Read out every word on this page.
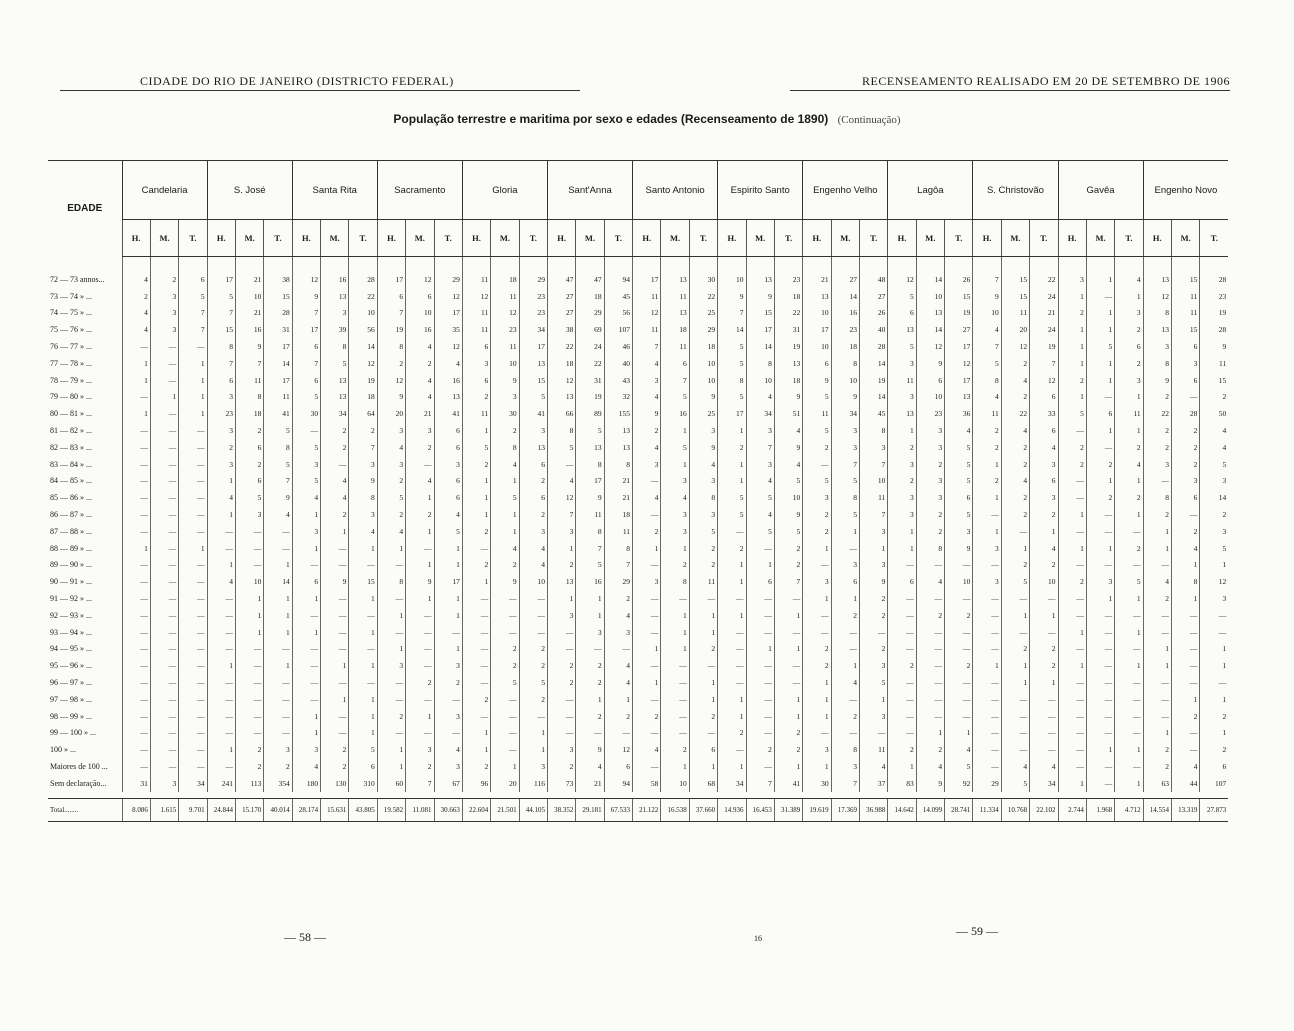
CIDADE DO RIO DE JANEIRO (DISTRICTO FEDERAL)	RECENSEAMENTO REALISADO EM 20 DE SETEMBRO DE 1906
População terrestre e maritima por sexo e edades (Recenseamento de 1890) (Continuação)
EDADE	Candelaria			S. José			Santa Rita			Sacramento			Gloria			Sant'Anna			Santo Antonio			Espirito Santo			Engenho Velho			Lagôa			S. Christovão			Gavêa			Engenho Novo		
	H.	M.	T.	H.	M.	T.	H.	M.	T.	H.	M.	T.	H.	M.	T.	H.	M.	T.	H.	M.	T.	H.	M.	T.	H.	M.	T.	H.	M.	T.	H.	M.	T.	H.	M.	T.	H.	M.	T.
72 — 73 annos...	4	2	6	17	21	38	12	16	28	17	12	29	11	18	29	47	47	94	17	13	30	10	13	23	21	27	48	12	14	26	7	15	22	3	1	4	13	15	28
73 — 74 » ...	2	3	5	5	10	15	9	13	22	6	6	12	12	11	23	27	18	45	11	11	22	9	9	18	13	14	27	5	10	15	9	15	24	1	—	1	12	11	23
74 — 75 » ...	4	3	7	7	21	28	7	3	10	7	10	17	11	12	23	27	29	56	12	13	25	7	15	22	10	16	26	6	13	19	10	11	21	2	1	3	8	11	19
75 — 76 » ...	4	3	7	15	16	31	17	39	56	19	16	35	11	23	34	38	69	107	11	18	29	14	17	31	17	23	40	13	14	27	4	20	24	1	1	2	13	15	28
76 — 77 » ...	—	—	—	8	9	17	6	8	14	8	4	12	6	11	17	22	24	46	7	11	18	5	14	19	10	18	28	5	12	17	7	12	19	1	5	6	3	6	9
77 — 78 » ...	1	—	1	7	7	14	7	5	12	2	2	4	3	10	13	18	22	40	4	6	10	5	8	13	6	8	14	3	9	12	5	2	7	1	1	2	8	3	11
78 — 79 » ...	1	—	1	6	11	17	6	13	19	12	4	16	6	9	15	12	31	43	3	7	10	8	10	18	9	10	19	11	6	17	8	4	12	2	1	3	9	6	15
79 — 80 » ...	—	1	1	3	8	11	5	13	18	9	4	13	2	3	5	13	19	32	4	5	9	5	4	9	5	9	14	3	10	13	4	2	6	1	—	1	2	—	2
80 — 81 » ...	1	—	1	23	18	41	30	34	64	20	21	41	11	30	41	66	89	155	9	16	25	17	34	51	11	34	45	13	23	36	11	22	33	5	6	11	22	28	50
81 — 82 » ...	—	—	—	3	2	5	—	2	2	3	3	6	1	2	3	8	5	13	2	1	3	1	3	4	5	3	8	1	3	4	2	4	6	—	1	1	2	2	4
82 — 83 » ...	—	—	—	2	6	8	5	2	7	4	2	6	5	8	13	5	13	13	4	5	9	2	7	9	2	3	3	2	3	5	2	2	4	2	—	2	2	2	4
83 — 84 » ...	—	—	—	3	2	5	3	—	3	3	—	3	2	4	6	—	8	8	3	1	4	1	3	4	—	7	7	3	2	5	1	2	3	2	2	4	3	2	5
84 — 85 » ...	—	—	—	1	6	7	5	4	9	2	4	6	1	1	2	4	17	21	—	3	3	1	4	5	5	5	10	2	3	5	2	4	6	—	1	1	—	3	3
85 — 86 » ...	—	—	—	4	5	9	4	4	8	5	1	6	1	5	6	12	9	21	4	4	8	5	5	10	3	8	11	3	3	6	1	2	3	—	2	2	8	6	14
86 — 87 » ...	—	—	—	1	3	4	1	2	3	2	2	4	1	1	2	7	11	18	—	3	3	5	4	9	2	5	7	3	2	5	—	2	2	1	—	1	2	—	2
87 — 88 » ...	—	—	—	—	—	—	3	1	4	4	1	5	2	1	3	3	8	11	2	3	5	—	5	5	2	1	3	1	2	3	1	—	1	—	—	—	1	2	3
88 — 89 » ...	1	—	1	—	—	—	1	—	1	1	—	1	—	4	4	1	7	8	1	1	2	2	—	2	1	—	1	1	8	9	3	1	4	1	1	2	1	4	5
89 — 90 » ...	—	—	—	1	—	1	—	—	—	—	1	1	2	2	4	2	5	7	—	2	2	1	1	2	—	3	3	—	—	—	—	2	2	—	—	—	—	1	1
90 — 91 » ...	—	—	—	4	10	14	6	9	15	8	9	17	1	9	10	13	16	29	3	8	11	1	6	7	3	6	9	6	4	10	3	5	10	2	3	5	4	8	12
91 — 92 » ...	—	—	—	—	1	1	1	—	1	—	1	1	—	—	—	1	1	2	—	—	—	—	—	—	1	1	2	—	—	—	—	—	—	—	1	1	2	1	3
92 — 93 » ...	—	—	—	—	1	1	—	—	—	1	—	1	—	—	—	3	1	4	—	1	1	1	—	1	—	2	2	—	2	2	—	1	1	—	—	—	—	—	—
93 — 94 » ...	—	—	—	—	1	1	1	—	1	—	—	—	—	—	—	—	3	3	—	1	1	—	—	—	—	—	—	—	—	—	—	—	—	1	—	1	—	—	—
94 — 95 » ...	—	—	—	—	—	—	—	—	—	1	—	1	—	2	2	—	—	—	1	1	2	—	1	1	2	—	2	—	—	—	—	2	2	—	—	—	1	—	1
95 — 96 » ...	—	—	—	1	—	1	—	1	1	3	—	3	—	2	2	2	2	4	—	—	—	—	—	—	2	1	3	2	—	2	1	1	2	1	—	1	1	—	1
96 — 97 » ...	—	—	—	—	—	—	—	—	—	—	2	2	—	5	5	2	2	4	1	—	1	—	—	—	1	4	5	—	—	—	—	1	1	—	—	—	—	—	—
97 — 98 » ...	—	—	—	—	—	—	—	1	1	—	—	—	2	—	2	—	1	1	—	—	1	1	—	1	1	—	1	—	—	—	—	—	—	—	—	—	—	1	1
98 — 99 » ...	—	—	—	—	—	—	1	—	1	2	1	3	—	—	—	—	2	2	2	—	2	1	—	1	1	2	3	—	—	—	—	—	—	—	—	—	—	2	2
99 — 100 » ...	—	—	—	—	—	—	1	—	1	—	—	—	1	—	1	—	—	—	—	—	—	2	—	2	—	—	—	—	1	1	—	—	—	—	—	—	1	—	1
100 » ...	—	—	—	1	2	3	3	2	5	1	3	4	1	—	1	3	9	12	4	2	6	—	2	2	3	8	11	2	2	4	—	—	—	—	1	1	2	—	2
Maiores de 100 ...	—	—	—	—	2	2	4	2	6	1	2	3	2	1	3	2	4	6	—	1	1	1	—	1	1	3	4	1	4	5	—	4	4	—	—	—	2	4	6
Sem declaração...	31	3	34	241	113	354	180	130	310	60	7	67	96	20	116	73	21	94	58	10	68	34	7	41	30	7	37	83	9	92	29	5	34	1	—	1	63	44	107

Total........	8.086	1.615	9.701	24.844	15.170	40.014	28.174	15.631	43.805	19.582	11.081	30.663	22.604	21.501	44.105	38.352	29.181	67.533	21.122	16.538	37.660	14.936	16.453	31.389	19.619	17.369	36.988	14.642	14.099	28.741	11.334	10.768	22.102	2.744	1.968	4.712	14.554	13.319	27.873
— 58 —	16
— 59 —
